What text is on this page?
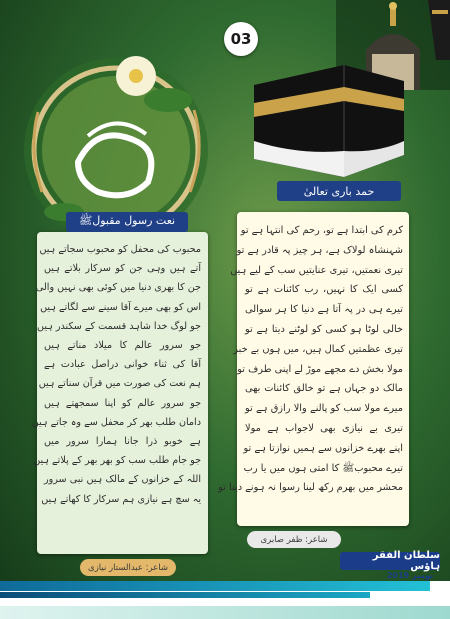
03
نعت رسول مقبولﷺ
محبوب کی محفل کو محبوب سجاتے ہیں
آتے ہیں وہی جن کو سرکار بلاتے ہیں
جن کا بھری دنیا میں کوئی بھی نہیں والی
اس کو بھی میرے آقا سینے سے لگاتے ہیں
جو لوگ خدا شاہد قسمت کے سکندر ہیں
جو سرور عالم کا میلاد مناتے ہیں
آقا کی ثناء خوانی دراصل عبادت ہے
ہم نعت کی صورت میں قرآن سناتے ہیں
جو سرور عالم کو اپنا سمجھتے ہیں
دامان طلب بھر کر محفل سے وہ جاتے ہیں
ہے خوبو ذرا جانا ہمارا سرور میں
جو جام طلب سب کو بھر بھر کے پلاتے ہیں
اللہ کے خزانوں کے مالک ہیں نبی سرور
یہ سچ ہے نیازی ہم سرکار کا کھاتے ہیں
شاعر: عبدالستار نیازی
حمد باری تعالیٰ
کرم کی ابتدا ہے تو، رحم کی انتہا ہے تو
شہنشاہ لولاک ہے، ہر چیز پہ قادر ہے تو
تیری نعمتیں، تیری عنایتیں سب کے لیے ہیں
کسی ایک کا نہیں، رب کائنات ہے تو
تیرے ہی در پہ آتا ہے دنیا کا ہر سوالی
خالی لوٹا ہو کسی کو لوٹنے دیتا ہے تو
تیری عظمتیں کمال ہیں، میں ہوں بے خبر
مولا بخش دے مجھے موڑ لے اپنی طرف تو
مالک دو جہاں ہے تو خالق کائنات بھی
میرے مولا سب کو پالنے والا رازق ہے تو
تیری بے نیازی بھی لاجواب ہے مولا
اپنے بھرے خزانوں سے ہمیں نوازتا ہے تو
تیرے محبوبﷺ کا امتی ہوں میں یا رب
محشر میں بھرم رکھ لینا رسوا نہ ہونے دینا تو
شاعر: ظفر صابری
سلطان الفقر ہاؤس
نومبر 2019
